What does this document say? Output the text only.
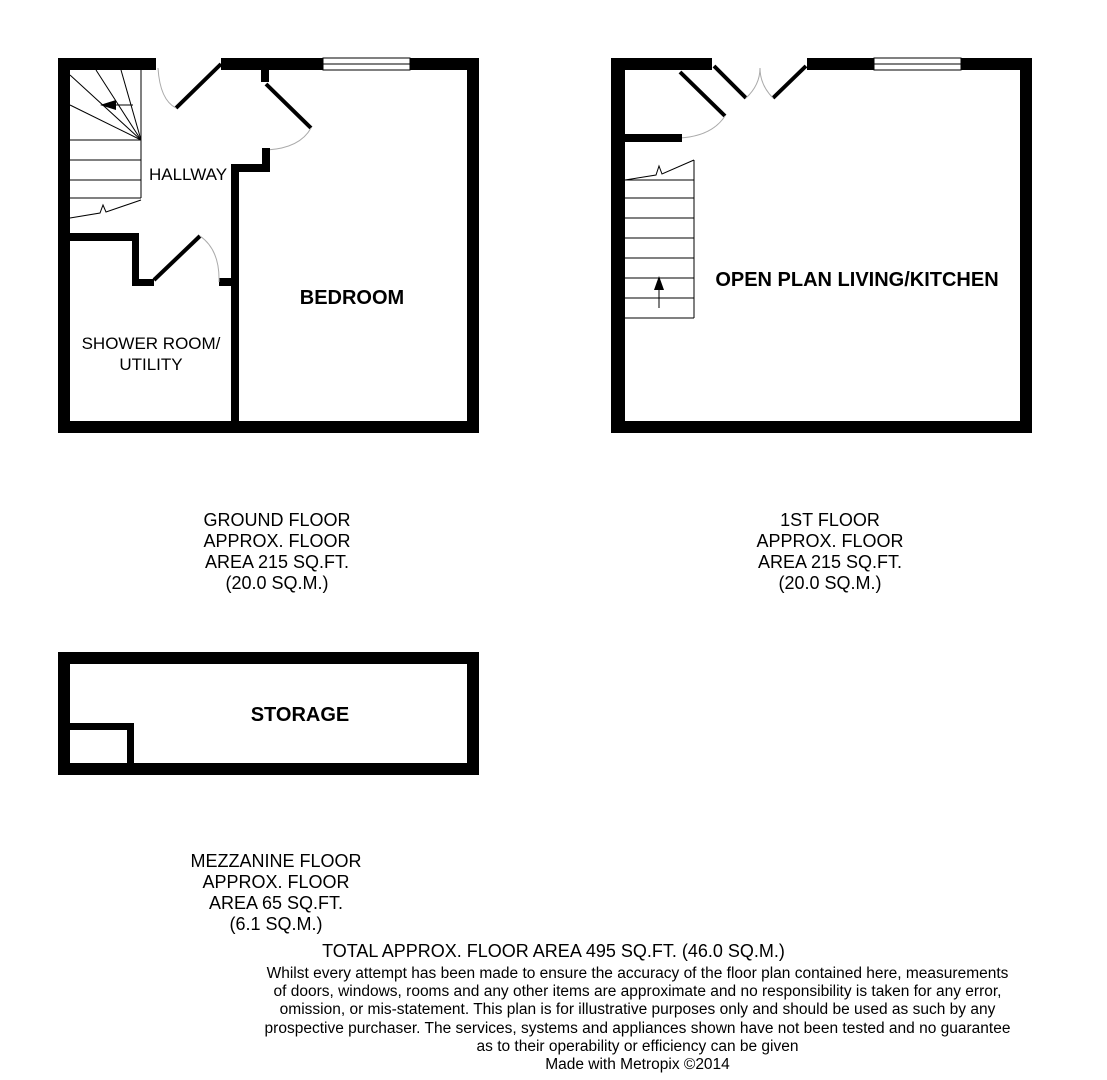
HALLWAY
BEDROOM
SHOWER ROOM/
UTILITY
OPEN PLAN LIVING/KITCHEN
STORAGE
GROUND FLOOR
APPROX. FLOOR
AREA 215 SQ.FT.
(20.0 SQ.M.)
1ST FLOOR
APPROX. FLOOR
AREA 215 SQ.FT.
(20.0 SQ.M.)
MEZZANINE FLOOR
APPROX. FLOOR
AREA 65 SQ.FT.
(6.1 SQ.M.)
TOTAL APPROX. FLOOR AREA 495 SQ.FT. (46.0 SQ.M.)
Whilst every attempt has been made to ensure the accuracy of the floor plan contained here, measurements
of doors, windows, rooms and any other items are approximate and no responsibility is taken for any error,
omission, or mis-statement. This plan is for illustrative purposes only and should be used as such by any
prospective purchaser. The services, systems and appliances shown have not been tested and no guarantee
as to their operability or efficiency can be given
Made with Metropix ©2014
